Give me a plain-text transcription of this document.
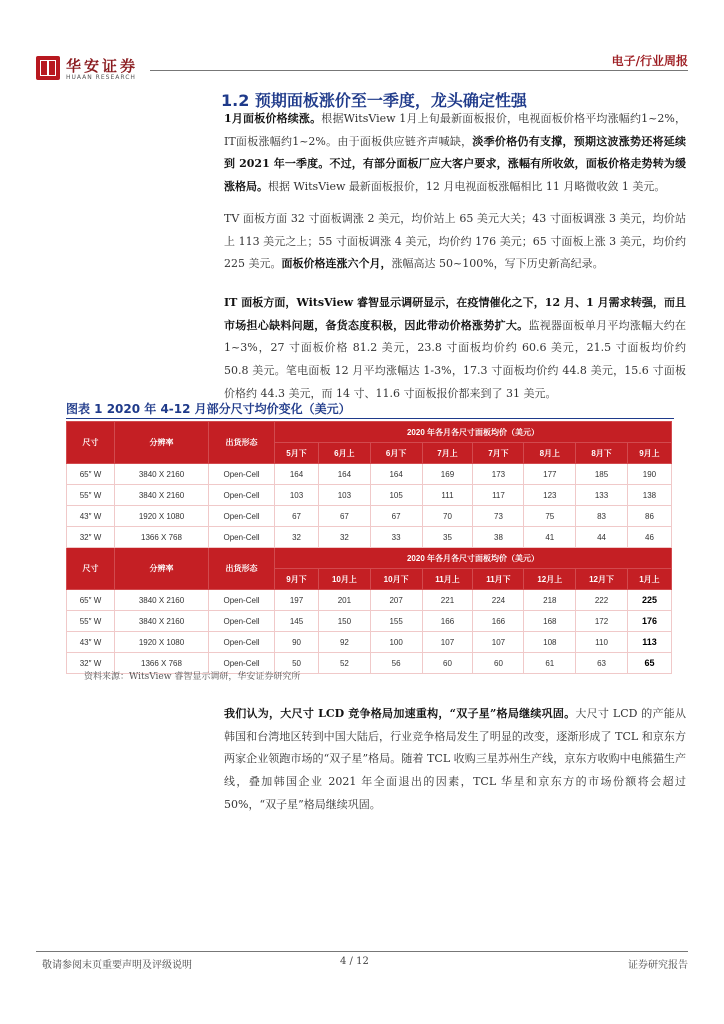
华安证券
HUAAN RESEARCH
电子/行业周报
1.2 预期面板涨价至一季度，龙头确定性强
1月面板价格续涨。根据WitsView 1月上旬最新面板报价，电视面板价格平均涨幅约1~2%，IT面板涨幅约1~2%。由于面板供应链齐声喊缺，淡季价格仍有支撑，预期这波涨势还将延续到 2021 年一季度。不过，有部分面板厂应大客户要求，涨幅有所收敛，面板价格走势转为缓涨格局。根据 WitsView 最新面板报价，12 月电视面板涨幅相比 11 月略微收敛 1 美元。
TV 面板方面 32 寸面板调涨 2 美元，均价站上 65 美元大关；43 寸面板调涨 3 美元，均价站上 113 美元之上；55 寸面板调涨 4 美元，均价约 176 美元；65 寸面板上涨 3 美元，均价约 225 美元。面板价格连涨六个月，涨幅高达 50~100%，写下历史新高纪录。
IT 面板方面，WitsView 睿智显示调研显示，在疫情催化之下，12 月、1 月需求转强，而且市场担心缺料问题，备货态度积极，因此带动价格涨势扩大。监视器面板单月平均涨幅大约在 1~3%，27 寸面板价格 81.2 美元，23.8 寸面板均价约 60.6 美元，21.5 寸面板均价约 50.8 美元。笔电面板 12 月平均涨幅达 1-3%，17.3 寸面板均价约 44.8 美元，15.6 寸面板价格约 44.3 美元，而 14 寸、11.6 寸面板报价都来到了 31 美元。
图表 1 2020 年 4-12 月部分尺寸均价变化（美元）
尺寸	分辨率	出货形态	2020 年各月各尺寸面板均价（美元）							
			5月下	6月上	6月下	7月上	7月下	8月上	8月下	9月上
65″ W	3840 X 2160	Open-Cell	164	164	164	169	173	177	185	190
55″ W	3840 X 2160	Open-Cell	103	103	105	111	117	123	133	138
43″ W	1920 X 1080	Open-Cell	67	67	67	70	73	75	83	86
32″ W	1366 X 768	Open-Cell	32	32	33	35	38	41	44	46
尺寸	分辨率	出货形态	2020 年各月各尺寸面板均价（美元）							
			9月下	10月上	10月下	11月上	11月下	12月上	12月下	1月上
65″ W	3840 X 2160	Open-Cell	197	201	207	221	224	218	222	225
55″ W	3840 X 2160	Open-Cell	145	150	155	166	166	168	172	176
43″ W	1920 X 1080	Open-Cell	90	92	100	107	107	108	110	113
32″ W	1366 X 768	Open-Cell	50	52	56	60	60	61	63	65
资料来源：WitsView 睿智显示调研，华安证券研究所
我们认为，大尺寸 LCD 竞争格局加速重构，“双子星”格局继续巩固。大尺寸 LCD 的产能从韩国和台湾地区转到中国大陆后，行业竞争格局发生了明显的改变，逐渐形成了 TCL 和京东方两家企业领跑市场的“双子星”格局。随着 TCL 收购三星苏州生产线，京东方收购中电熊猫生产线，叠加韩国企业 2021 年全面退出的因素，TCL 华星和京东方的市场份额将会超过 50%，“双子星”格局继续巩固。
敬请参阅末页重要声明及评级说明	4 / 12	证券研究报告
